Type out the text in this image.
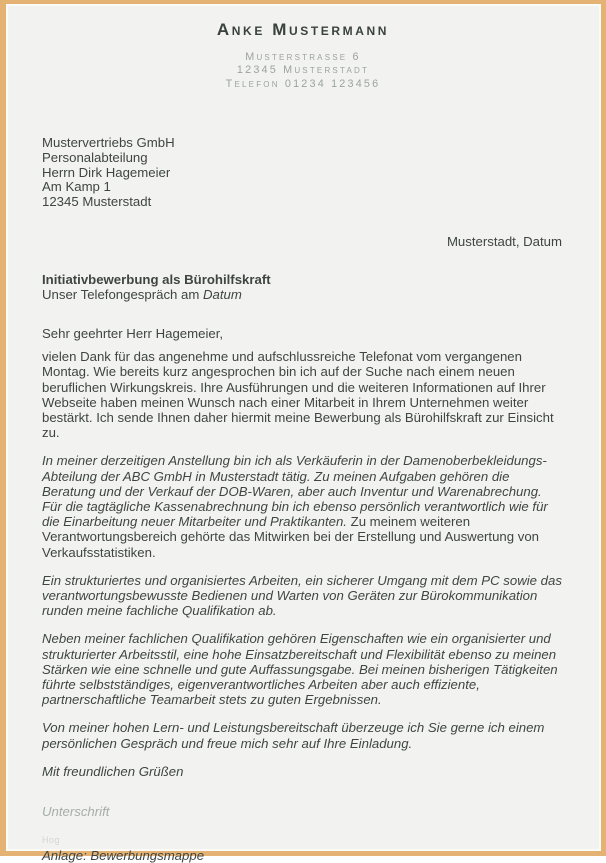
Anke Mustermann
Musterstrasse 6
12345 Musterstadt
Telefon 01234 123456
Mustervertriebs GmbH
Personalabteilung
Herrn Dirk Hagemeier
Am Kamp 1
12345 Musterstadt
Musterstadt, Datum
Initiativbewerbung als Bürohilfskraft
Unser Telefongespräch am Datum

Sehr geehrter Herr Hagemeier,

vielen Dank für das angenehme und aufschlussreiche Telefonat vom vergangenen Montag. Wie bereits kurz angesprochen bin ich auf der Suche nach einem neuen beruflichen Wirkungskreis. Ihre Ausführungen und die weiteren Informationen auf Ihrer Webseite haben meinen Wunsch nach einer Mitarbeit in Ihrem Unternehmen weiter bestärkt. Ich sende Ihnen daher hiermit meine Bewerbung als Bürohilfskraft zur Einsicht zu.

In meiner derzeitigen Anstellung bin ich als Verkäuferin in der Damenoberbekleidungs-Abteilung der ABC GmbH in Musterstadt tätig. Zu meinen Aufgaben gehören die Beratung und der Verkauf der DOB-Waren, aber auch Inventur und Warenabrechung.
Für die tagtägliche Kassenabrechnung bin ich ebenso persönlich verantwortlich wie für die Einarbeitung neuer Mitarbeiter und Praktikanten. Zu meinem weiteren Verantwortungsbereich gehörte das Mitwirken bei der Erstellung und Auswertung von Verkaufsstatistiken.

Ein strukturiertes und organisiertes Arbeiten, ein sicherer Umgang mit dem PC sowie das verantwortungsbewusste Bedienen und Warten von Geräten zur Bürokommunikation runden meine fachliche Qualifikation ab.

Neben meiner fachlichen Qualifikation gehören Eigenschaften wie ein organisierter und strukturierter Arbeitsstil, eine hohe Einsatzbereitschaft und Flexibilität ebenso zu meinen Stärken wie eine schnelle und gute Auffassungsgabe. Bei meinen bisherigen Tätigkeiten führte selbstständiges, eigenverantwortliches Arbeiten aber auch effiziente, partnerschaftliche Teamarbeit stets zu guten Ergebnissen.

Von meiner hohen Lern- und Leistungsbereitschaft überzeuge ich Sie gerne ich einem persönlichen Gespräch und freue mich sehr auf Ihre Einladung.

Mit freundlichen Grüßen

Unterschrift

Hog

Anlage: Bewerbungsmappe
